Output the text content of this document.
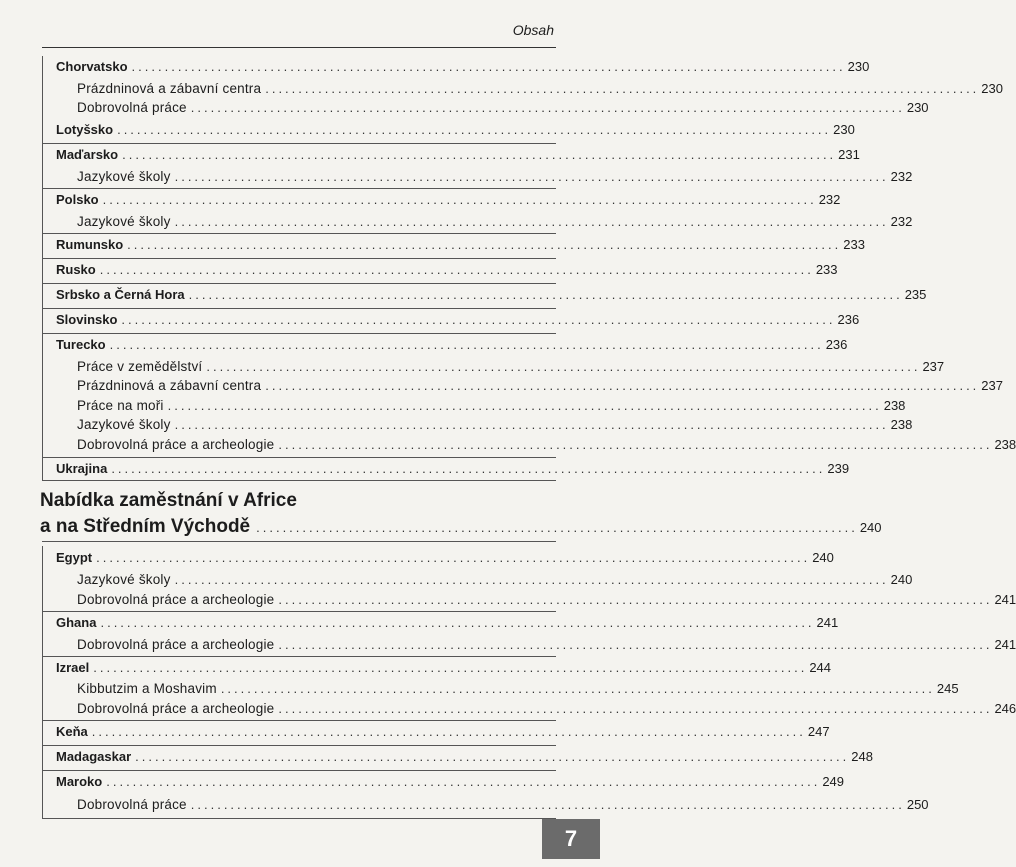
Obsah
Chorvatsko ............................................................................................................ 230
Prázdninová a zábavní centra ............................................................................................................ 230
Dobrovolná práce ............................................................................................................ 230
Lotyšsko ............................................................................................................ 230
Maďarsko ............................................................................................................ 231
Jazykové školy ............................................................................................................ 232
Polsko ............................................................................................................ 232
Jazykové školy ............................................................................................................ 232
Rumunsko ............................................................................................................ 233
Rusko ............................................................................................................ 233
Srbsko a Černá Hora ............................................................................................................ 235
Slovinsko ............................................................................................................ 236
Turecko ............................................................................................................ 236
Práce v zemědělství ............................................................................................................ 237
Prázdninová a zábavní centra ............................................................................................................ 237
Práce na moři ............................................................................................................ 238
Jazykové školy ............................................................................................................ 238
Dobrovolná práce a archeologie ............................................................................................................ 238
Ukrajina ............................................................................................................ 239
Egypt ............................................................................................................ 240
Jazykové školy ............................................................................................................ 240
Dobrovolná práce a archeologie ............................................................................................................ 241
Ghana ............................................................................................................ 241
Dobrovolná práce a archeologie ............................................................................................................ 241
Izrael ............................................................................................................ 244
Kibbutzim a Moshavim ............................................................................................................ 245
Dobrovolná práce a archeologie ............................................................................................................ 246
Keňa ............................................................................................................ 247
Madagaskar ............................................................................................................ 248
Maroko ............................................................................................................ 249
Dobrovolná práce ............................................................................................................ 250
Nabídka zaměstnání v Africe
a na Středním Východě ........................................................................................... 240
7
